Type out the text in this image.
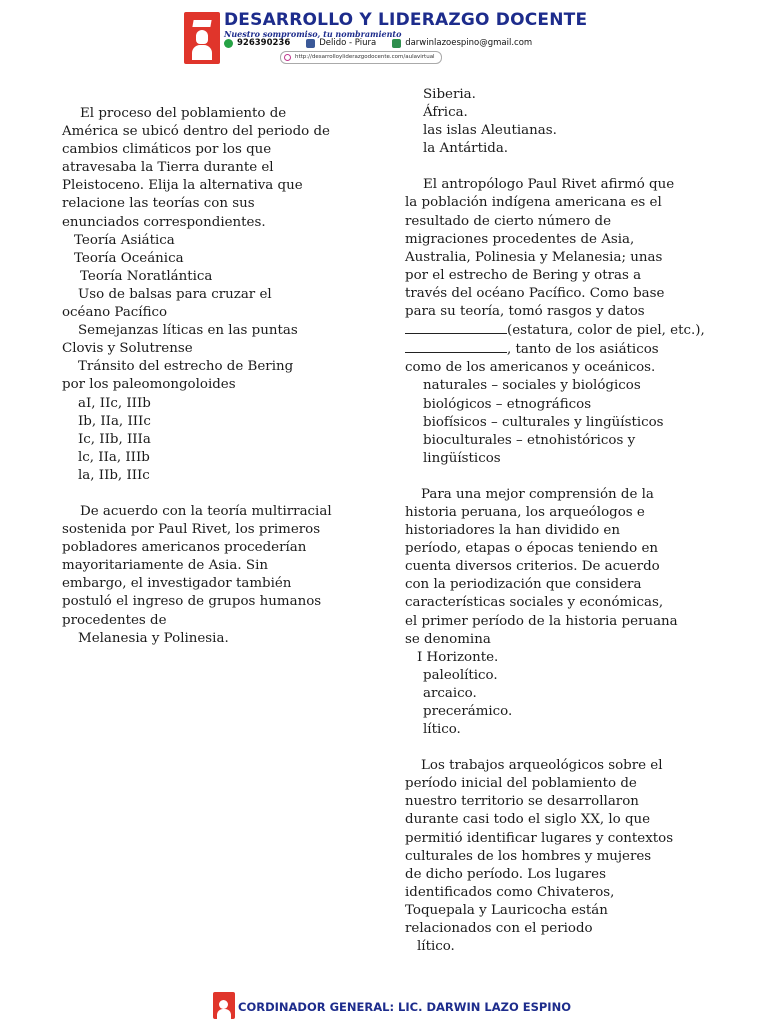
DESARROLLO Y LIDERAZGO DOCENTE
Nuestro sompromiso, tu nombramiento
926390236	Delido - Piura	darwinlazoespino@gmail.com
http://desarrolloyliderazgodocente.com/aulavirtual

El proceso del poblamiento de

América se ubicó dentro del periodo de

cambios climáticos por los que

atravesaba la Tierra durante el

Pleistoceno. Elija la alternativa que

relacione las teorías con sus

enunciados correspondientes.

Teoría Asiática

Teoría Oceánica

Teoría Noratlántica

Uso de balsas para cruzar el

océano Pacífico

Semejanzas líticas en las puntas

Clovis y Solutrense

Tránsito del estrecho de Bering

por los paleomongoloides

aI, IIc, IIIb

Ib, IIa, IIIc

Ic, IIb, IIIa

lc, IIa, IIIb

la, IIb, IIIc

De acuerdo con la teoría multirracial

sostenida por Paul Rivet, los primeros

pobladores americanos procederían

mayoritariamente de Asia. Sin

embargo, el investigador también

postuló el ingreso de grupos humanos

procedentes de

Melanesia y Polinesia.

Siberia.

África.

las islas Aleutianas.

la Antártida.

El antropólogo Paul Rivet afirmó que

la población indígena americana es el

resultado de cierto número de

migraciones procedentes de Asia,

Australia, Polinesia y Melanesia; unas

por el estrecho de Bering y otras a

través del océano Pacífico. Como base

para su teoría, tomó rasgos y datos

(estatura, color de piel, etc.),

, tanto de los asiáticos

como de los americanos y oceánicos.

naturales – sociales y biológicos

biológicos – etnográficos

biofísicos – culturales y lingüísticos

bioculturales – etnohistóricos y

lingüísticos

Para una mejor comprensión de la

historia peruana, los arqueólogos e

historiadores la han dividido en

período, etapas o épocas teniendo en

cuenta diversos criterios. De acuerdo

con la periodización que considera

características sociales y económicas,

el primer período de la historia peruana

se denomina

I Horizonte.

paleolítico.

arcaico.

precerámico.

lítico.

Los trabajos arqueológicos sobre el

período inicial del poblamiento de

nuestro territorio se desarrollaron

durante casi todo el siglo XX, lo que

permitió identificar lugares y contextos

culturales de los hombres y mujeres

de dicho período. Los lugares

identificados como Chivateros,

Toquepala y Lauricocha están

relacionados con el periodo

lítico.

CORDINADOR GENERAL: LIC. DARWIN LAZO ESPINO
